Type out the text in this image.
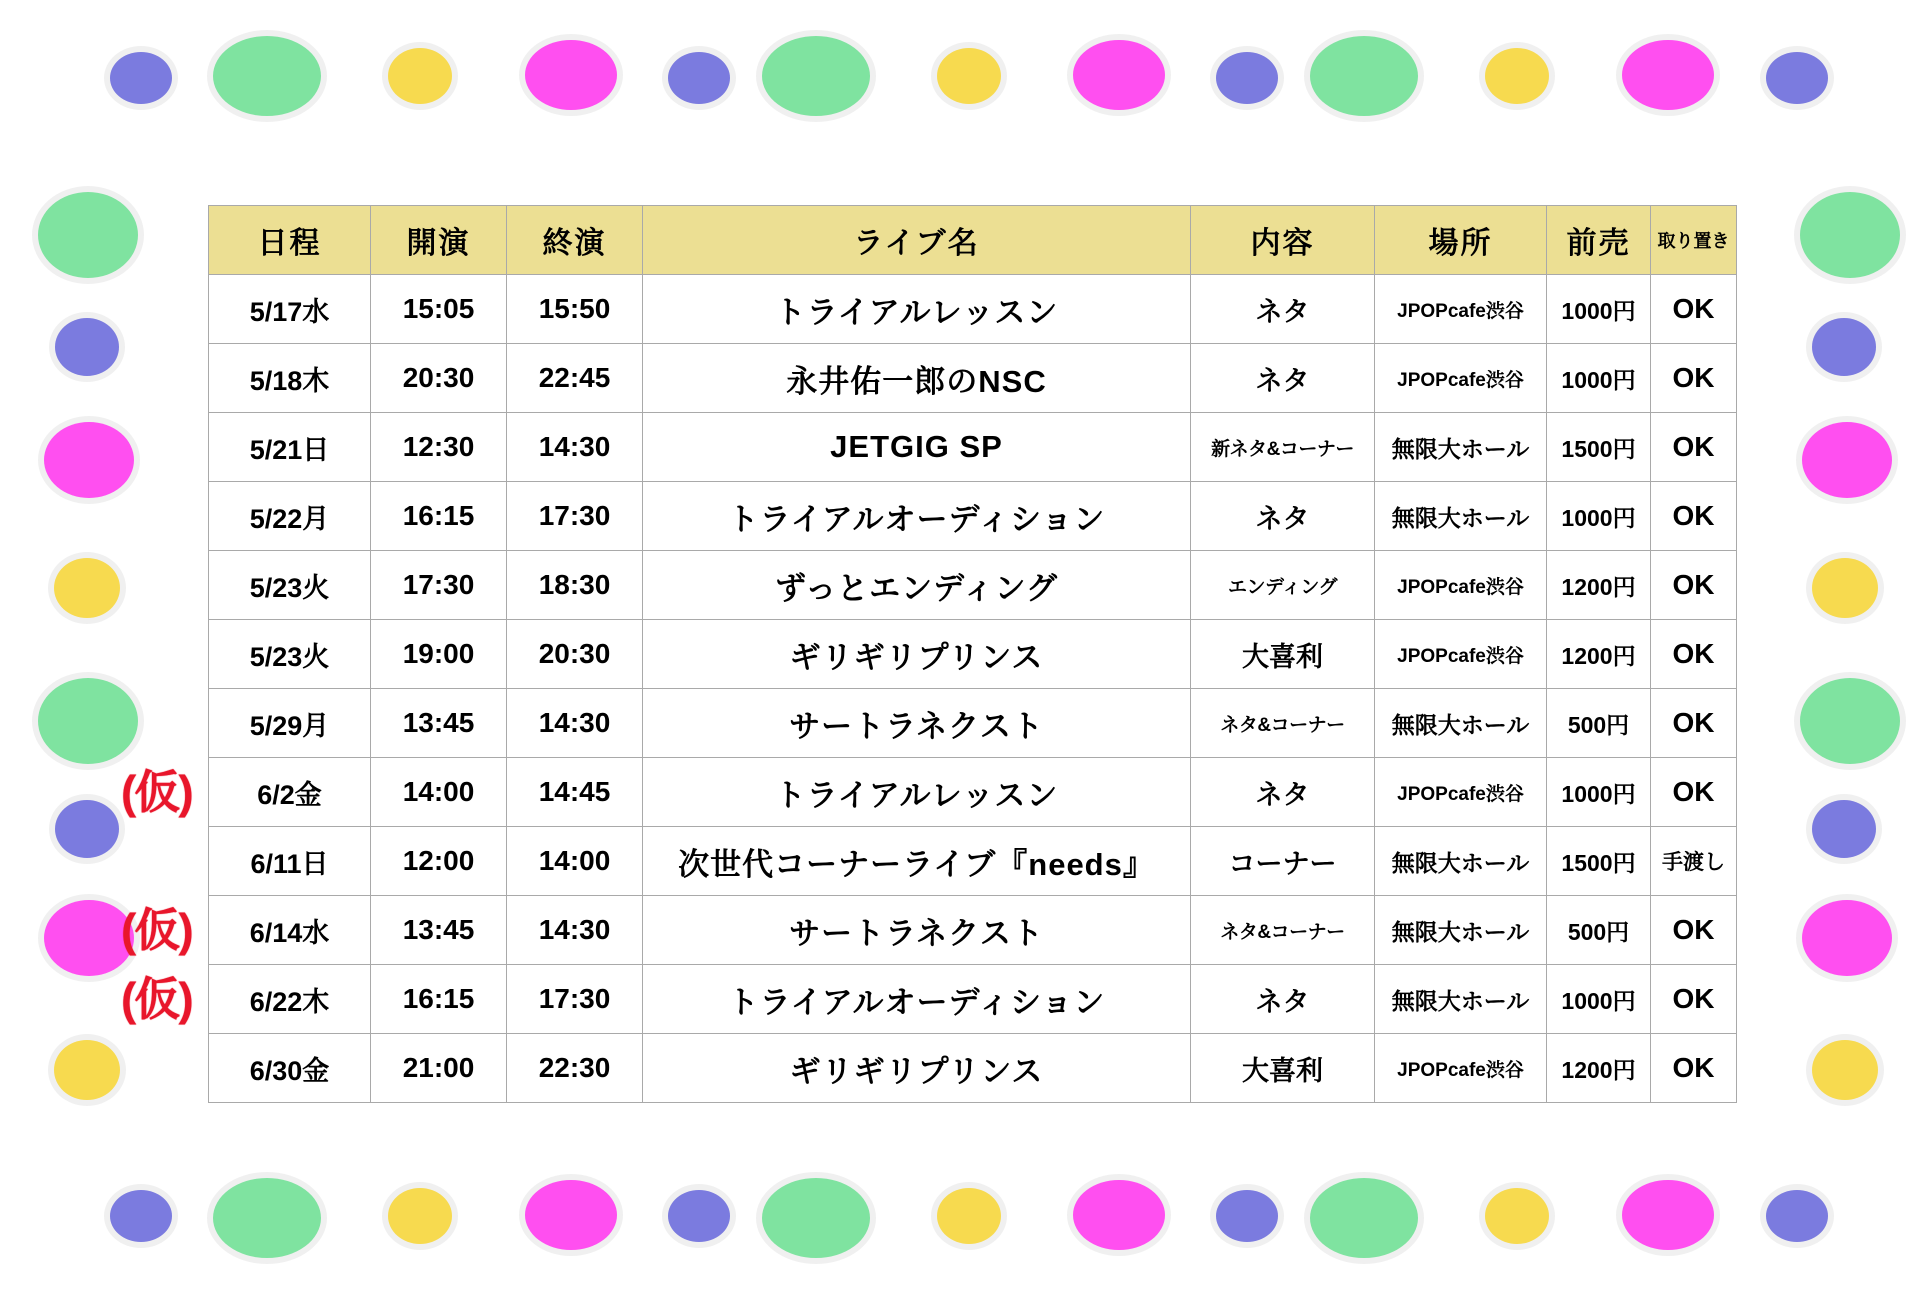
日程	開演	終演	ライブ名	内容	場所	前売	取り置き
5/17水	15:05	15:50	トライアルレッスン	ネタ	JPOPcafe渋谷	1000円	OK
5/18木	20:30	22:45	永井佑一郎のNSC	ネタ	JPOPcafe渋谷	1000円	OK
5/21日	12:30	14:30	JETGIG SP	新ネタ&コーナー	無限大ホール	1500円	OK
5/22月	16:15	17:30	トライアルオーディション	ネタ	無限大ホール	1000円	OK
5/23火	17:30	18:30	ずっとエンディング	エンディング	JPOPcafe渋谷	1200円	OK
5/23火	19:00	20:30	ギリギリプリンス	大喜利	JPOPcafe渋谷	1200円	OK
5/29月	13:45	14:30	サートラネクスト	ネタ&コーナー	無限大ホール	500円	OK

(仮) 6/2金	14:00	14:45	トライアルレッスン	ネタ	JPOPcafe渋谷	1000円	OK
6/11日	12:00	14:00	次世代コーナーライブ『needs』	コーナー	無限大ホール	1500円	手渡し

(仮) 6/14水	13:45	14:30	サートラネクスト	ネタ&コーナー	無限大ホール	500円	OK

(仮) 6/22木	16:15	17:30	トライアルオーディション	ネタ	無限大ホール	1000円	OK
6/30金	21:00	22:30	ギリギリプリンス	大喜利	JPOPcafe渋谷	1200円	OK
